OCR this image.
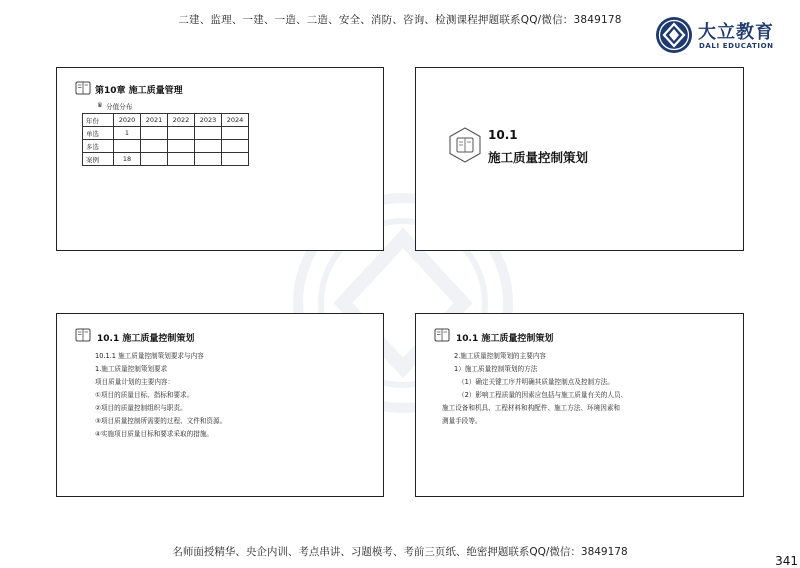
二建、监理、一建、一造、二造、安全、消防、咨询、检测课程押题联系QQ/微信：3849178
大立教育
DALI EDUCATION
第10章 施工质量管理
♛ 分值分布
年份	2020	2021	2022	2023	2024
单选	1				
多选					
案例	18				
10.1
施工质量控制策划
10.1 施工质量控制策划
10.1.1 施工质量控制策划要求与内容
1.施工质量控制策划要求
项目质量计划的主要内容：
①项目的质量目标、指标和要求。
②项目的质量控制组织与职责。
③项目质量控制所需要的过程、文件和资源。
④实施项目质量目标和要求采取的措施。
10.1 施工质量控制策划
2.施工质量控制策划的主要内容
1）施工质量控制策划的方法
（1）确定关键工序并明确其质量控制点及控制方法。
（2）影响工程质量的因素应包括与施工质量有关的人员、
施工设备和机具、工程材料和构配件、施工方法、环境因素和
测量手段等。
名师面授精华、央企内训、考点串讲、习题模考、考前三页纸、绝密押题联系QQ/微信：3849178
341
